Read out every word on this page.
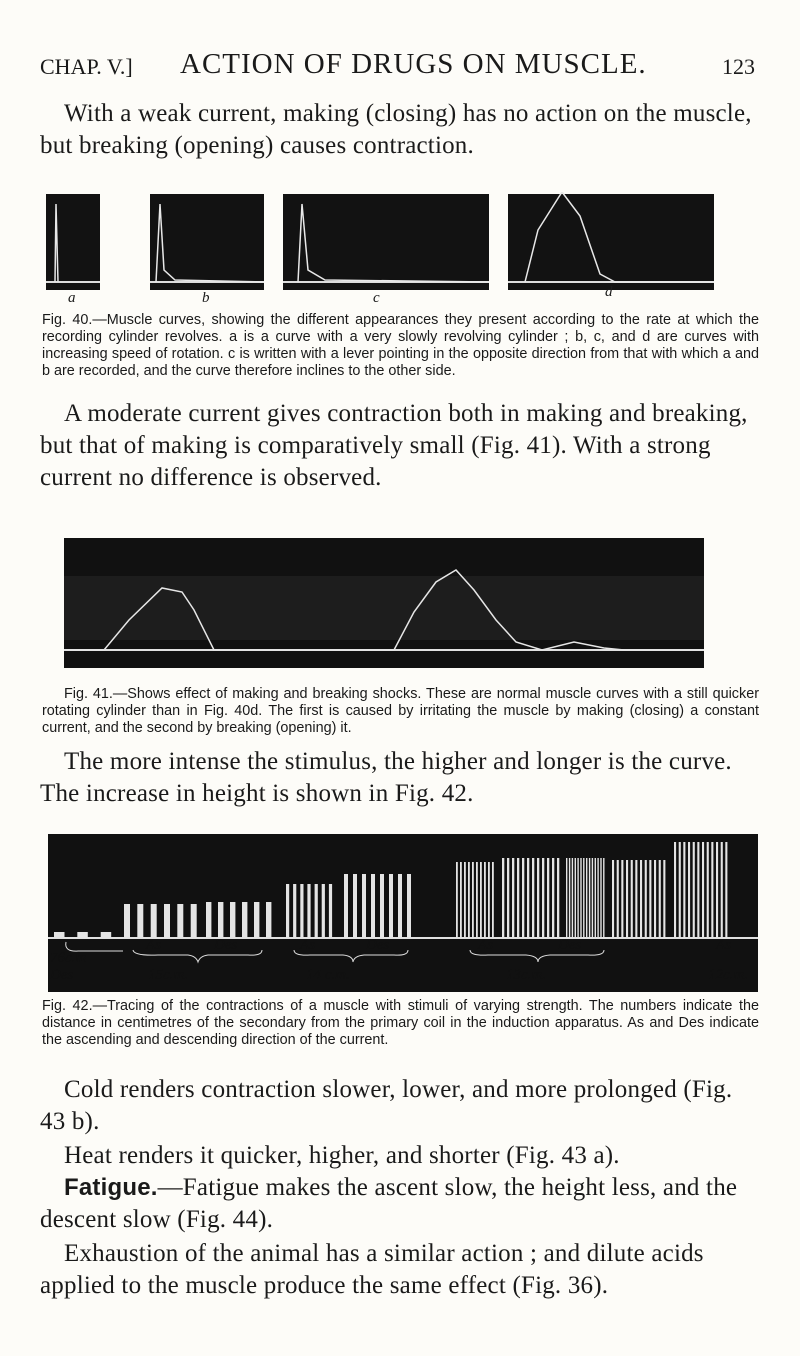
CHAP. V.] ACTION OF DRUGS ON MUSCLE.	123

With a weak current, making (closing) has no action on the muscle, but breaking (opening) causes contraction.

a	b	c	d

Fig. 40.—Muscle curves, showing the different appearances they present according to the rate at which the recording cylinder revolves. a is a curve with a very slowly revolving cylinder ; b, c, and d are curves with increasing speed of rotation. c is written with a lever pointing in the opposite direction from that with which a and b are recorded, and the curve therefore inclines to the other side.

A moderate current gives contraction both in making and breaking, but that of making is comparatively small (Fig. 41). With a strong current no difference is observed.

Fig. 41.—Shows effect of making and breaking shocks. These are normal muscle curves with a still quicker rotating cylinder than in Fig. 40d. The first is caused by irritating the muscle by making (closing) a constant current, and the second by breaking (opening) it.

The more intense the stimulus, the higher and longer is the curve. The increase in height is shown in Fig. 42.

As	Des	As	Des	As	Des	As
76c.m
Des	15c.m.	14 c.m.	13c.m.	12c.m.

Fig. 42.—Tracing of the contractions of a muscle with stimuli of varying strength. The numbers indicate the distance in centimetres of the secondary from the primary coil in the induction apparatus. As and Des indicate the ascending and descending direction of the current.

Cold renders contraction slower, lower, and more prolonged (Fig. 43 b).

Heat renders it quicker, higher, and shorter (Fig. 43 a).

Fatigue.—Fatigue makes the ascent slow, the height less, and the descent slow (Fig. 44).

Exhaustion of the animal has a similar action ; and dilute acids applied to the muscle produce the same effect (Fig. 36).
